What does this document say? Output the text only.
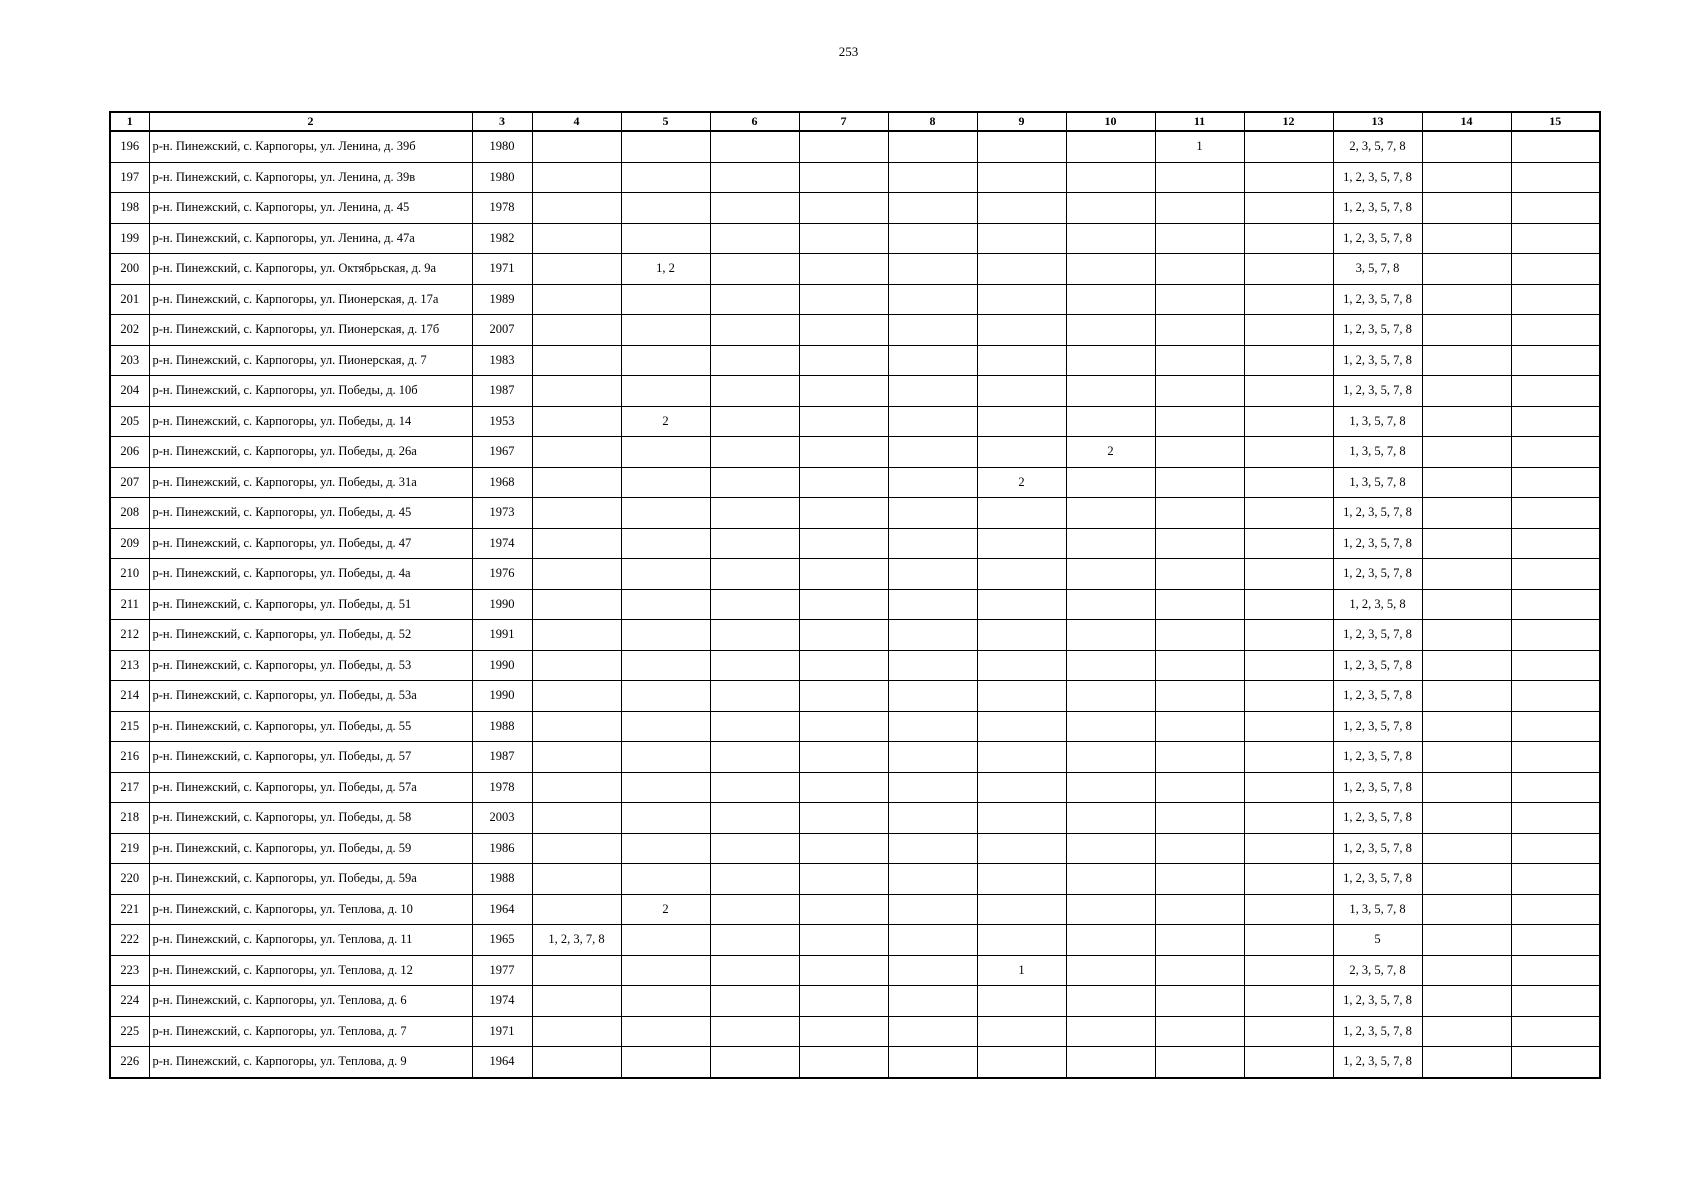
253
1	2	3	4	5	6	7	8	9	10	11	12	13	14	15
196	р-н. Пинежский, с. Карпогоры, ул. Ленина, д. 39б	1980								1		2, 3, 5, 7, 8		
197	р-н. Пинежский, с. Карпогоры, ул. Ленина, д. 39в	1980										1, 2, 3, 5, 7, 8		
198	р-н. Пинежский, с. Карпогоры, ул. Ленина, д. 45	1978										1, 2, 3, 5, 7, 8		
199	р-н. Пинежский, с. Карпогоры, ул. Ленина, д. 47а	1982										1, 2, 3, 5, 7, 8		
200	р-н. Пинежский, с. Карпогоры, ул. Октябрьская, д. 9а	1971		1, 2								3, 5, 7, 8		
201	р-н. Пинежский, с. Карпогоры, ул. Пионерская, д. 17а	1989										1, 2, 3, 5, 7, 8		
202	р-н. Пинежский, с. Карпогоры, ул. Пионерская, д. 17б	2007										1, 2, 3, 5, 7, 8		
203	р-н. Пинежский, с. Карпогоры, ул. Пионерская, д. 7	1983										1, 2, 3, 5, 7, 8		
204	р-н. Пинежский, с. Карпогоры, ул. Победы, д. 10б	1987										1, 2, 3, 5, 7, 8		
205	р-н. Пинежский, с. Карпогоры, ул. Победы, д. 14	1953		2								1, 3, 5, 7, 8		
206	р-н. Пинежский, с. Карпогоры, ул. Победы, д. 26а	1967							2			1, 3, 5, 7, 8		
207	р-н. Пинежский, с. Карпогоры, ул. Победы, д. 31а	1968						2				1, 3, 5, 7, 8		
208	р-н. Пинежский, с. Карпогоры, ул. Победы, д. 45	1973										1, 2, 3, 5, 7, 8		
209	р-н. Пинежский, с. Карпогоры, ул. Победы, д. 47	1974										1, 2, 3, 5, 7, 8		
210	р-н. Пинежский, с. Карпогоры, ул. Победы, д. 4а	1976										1, 2, 3, 5, 7, 8		
211	р-н. Пинежский, с. Карпогоры, ул. Победы, д. 51	1990										1, 2, 3, 5, 8		
212	р-н. Пинежский, с. Карпогоры, ул. Победы, д. 52	1991										1, 2, 3, 5, 7, 8		
213	р-н. Пинежский, с. Карпогоры, ул. Победы, д. 53	1990										1, 2, 3, 5, 7, 8		
214	р-н. Пинежский, с. Карпогоры, ул. Победы, д. 53а	1990										1, 2, 3, 5, 7, 8		
215	р-н. Пинежский, с. Карпогоры, ул. Победы, д. 55	1988										1, 2, 3, 5, 7, 8		
216	р-н. Пинежский, с. Карпогоры, ул. Победы, д. 57	1987										1, 2, 3, 5, 7, 8		
217	р-н. Пинежский, с. Карпогоры, ул. Победы, д. 57а	1978										1, 2, 3, 5, 7, 8		
218	р-н. Пинежский, с. Карпогоры, ул. Победы, д. 58	2003										1, 2, 3, 5, 7, 8		
219	р-н. Пинежский, с. Карпогоры, ул. Победы, д. 59	1986										1, 2, 3, 5, 7, 8		
220	р-н. Пинежский, с. Карпогоры, ул. Победы, д. 59а	1988										1, 2, 3, 5, 7, 8		
221	р-н. Пинежский, с. Карпогоры, ул. Теплова, д. 10	1964		2								1, 3, 5, 7, 8		
222	р-н. Пинежский, с. Карпогоры, ул. Теплова, д. 11	1965	1, 2, 3, 7, 8									5		
223	р-н. Пинежский, с. Карпогоры, ул. Теплова, д. 12	1977						1				2, 3, 5, 7, 8		
224	р-н. Пинежский, с. Карпогоры, ул. Теплова, д. 6	1974										1, 2, 3, 5, 7, 8		
225	р-н. Пинежский, с. Карпогоры, ул. Теплова, д. 7	1971										1, 2, 3, 5, 7, 8		
226	р-н. Пинежский, с. Карпогоры, ул. Теплова, д. 9	1964										1, 2, 3, 5, 7, 8		
